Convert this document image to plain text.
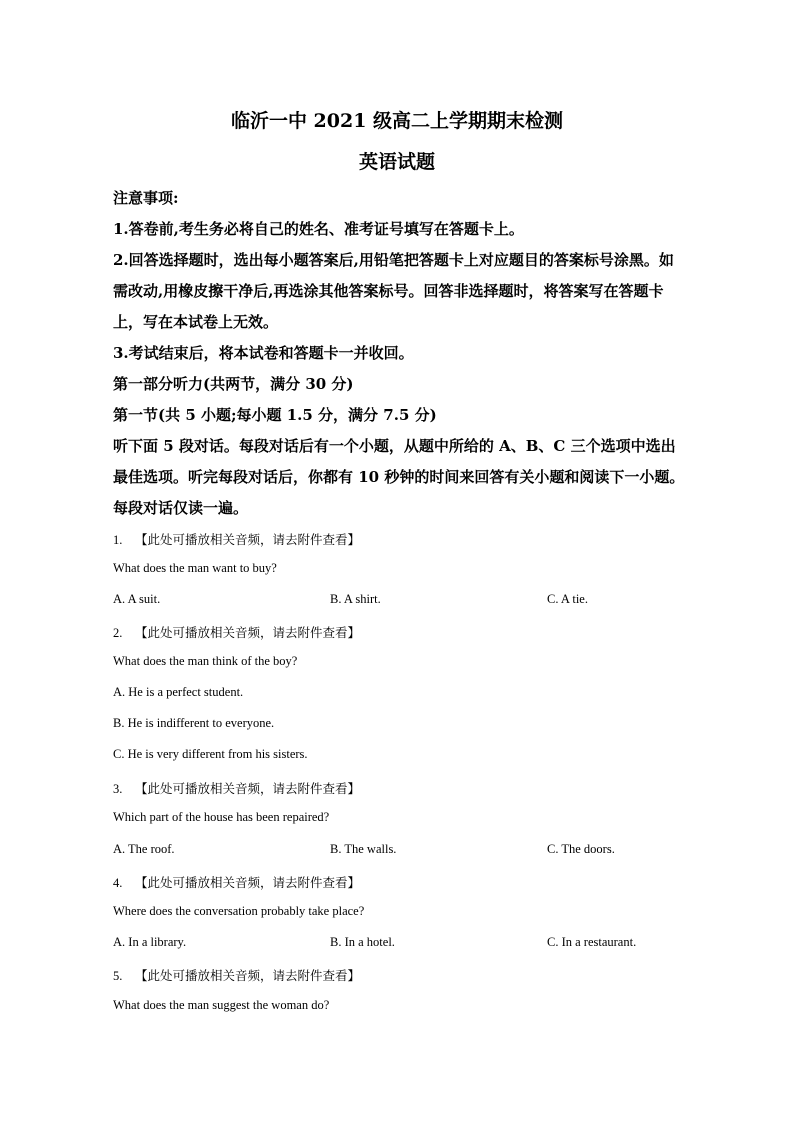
临沂一中 2021 级高二上学期期末检测
英语试题
注意事项:
1.答卷前,考生务必将自己的姓名、准考证号填写在答题卡上。
2.回答选择题时，选出每小题答案后,用铅笔把答题卡上对应题目的答案标号涂黑。如
需改动,用橡皮擦干净后,再选涂其他答案标号。回答非选择题时，将答案写在答题卡
上，写在本试卷上无效。
3.考试结束后，将本试卷和答题卡一并收回。
第一部分听力(共两节，满分 30 分)
第一节(共 5 小题;每小题 1.5 分，满分 7.5 分)
听下面 5 段对话。每段对话后有一个小题，从题中所给的 A、B、C 三个选项中选出
最佳选项。听完每段对话后，你都有 10 秒钟的时间来回答有关小题和阅读下一小题。
每段对话仅读一遍。
1. 【此处可播放相关音频，请去附件查看】
What does the man want to buy?
A. A suit.	B. A shirt.	C. A tie.
2. 【此处可播放相关音频，请去附件查看】
What does the man think of the boy?
A. He is a perfect student.
B. He is indifferent to everyone.
C. He is very different from his sisters.
3. 【此处可播放相关音频，请去附件查看】
Which part of the house has been repaired?
A. The roof.	B. The walls.	C. The doors.
4. 【此处可播放相关音频，请去附件查看】
Where does the conversation probably take place?
A. In a library.	B. In a hotel.	C. In a restaurant.
5. 【此处可播放相关音频，请去附件查看】
What does the man suggest the woman do?
